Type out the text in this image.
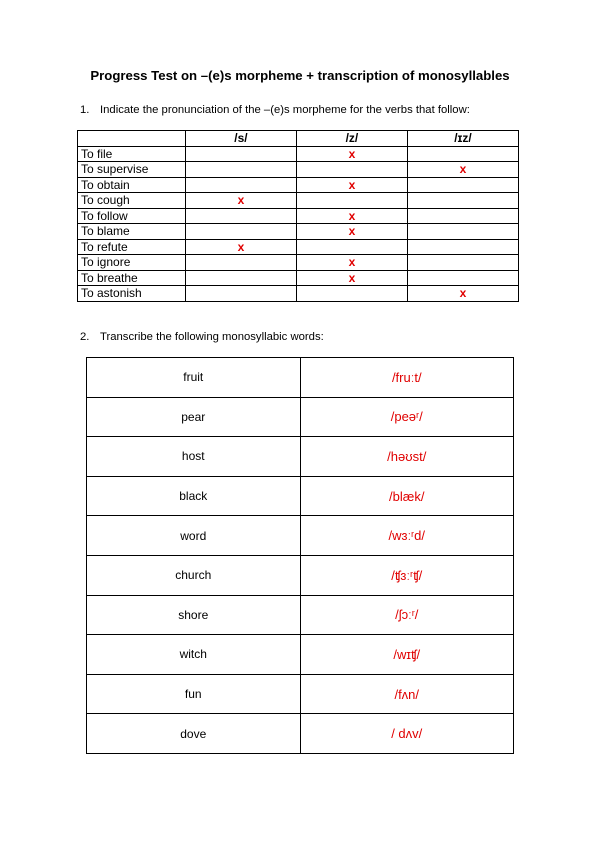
Progress Test on –(e)s morpheme + transcription of monosyllables
1. Indicate the pronunciation of the –(e)s morpheme for the verbs that follow:
	/s/	/z/	/ɪz/
To file		x	
To supervise			x
To obtain		x	
To cough	x		
To follow		x	
To blame		x	
To refute	x		
To ignore		x	
To breathe		x	
To astonish			x
2. Transcribe the following monosyllabic words:
fruit	/fruːt/
pear	/peəʳ/
host	/həʊst/
black	/blæk/
word	/wɜːʳd/
church	/ʧɜːʳʧ/
shore	/ʃɔːʳ/
witch	/wɪʧ/
fun	/fʌn/
dove	/ dʌv/
